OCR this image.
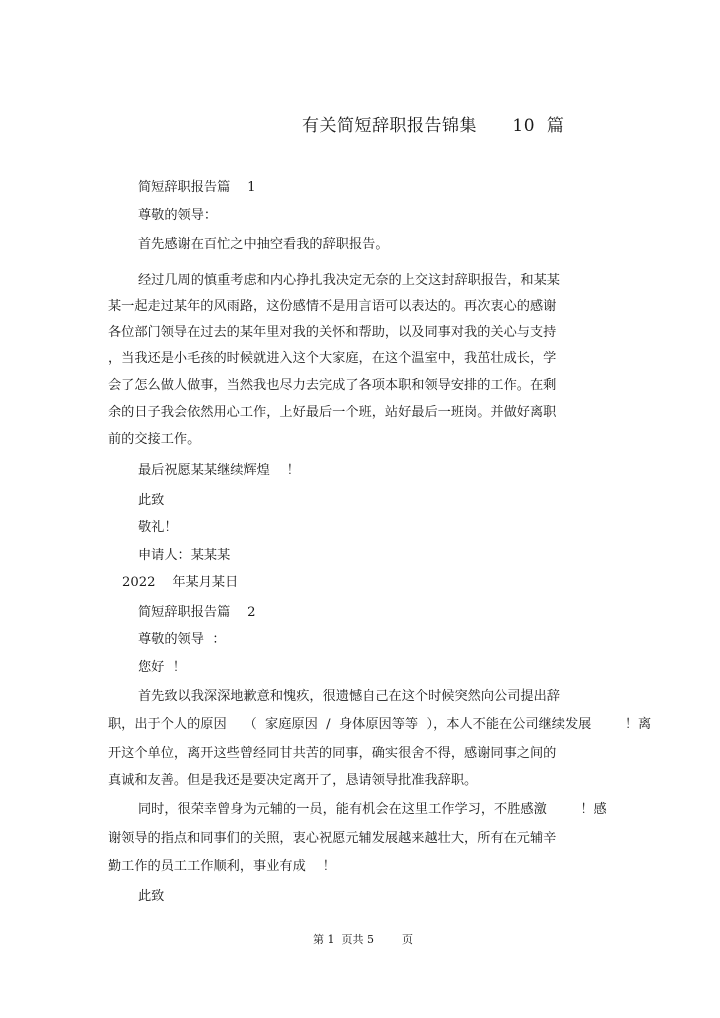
有关简短辞职报告锦集      10  篇
简短辞职报告篇    1
尊敬的领导：
首先感谢在百忙之中抽空看我的辞职报告。
经过几周的慎重考虑和内心挣扎我决定无奈的上交这封辞职报告，和某某
某一起走过某年的风雨路，这份感情不是用言语可以表达的。再次衷心的感谢
各位部门领导在过去的某年里对我的关怀和帮助，以及同事对我的关心与支持
，当我还是小毛孩的时候就进入这个大家庭，在这个温室中，我茁壮成长，学
会了怎么做人做事，当然我也尽力去完成了各项本职和领导安排的工作。在剩
余的日子我会依然用心工作，上好最后一个班，站好最后一班岗。并做好离职
前的交接工作。
最后祝愿某某继续辉煌    ！
此致
敬礼！
申请人：某某某
2022    年某月某日
简短辞职报告篇    2
尊敬的领导  ：
您好  ！
首先致以我深深地歉意和愧疚，很遗憾自己在这个时候突然向公司提出辞
职，出于个人的原因    （  家庭原因  /  身体原因等等  ），本人不能在公司继续发展        ！离
开这个单位，离开这些曾经同甘共苦的同事，确实很舍不得，感谢同事之间的
真诚和友善。但是我还是要决定离开了，恳请领导批准我辞职。
同时，很荣幸曾身为元辅的一员，能有机会在这里工作学习，不胜感激        ！感
谢领导的指点和同事们的关照，衷心祝愿元辅发展越来越壮大，所有在元辅辛
勤工作的员工工作顺利，事业有成    ！
此致
第 1  页共 5        页
